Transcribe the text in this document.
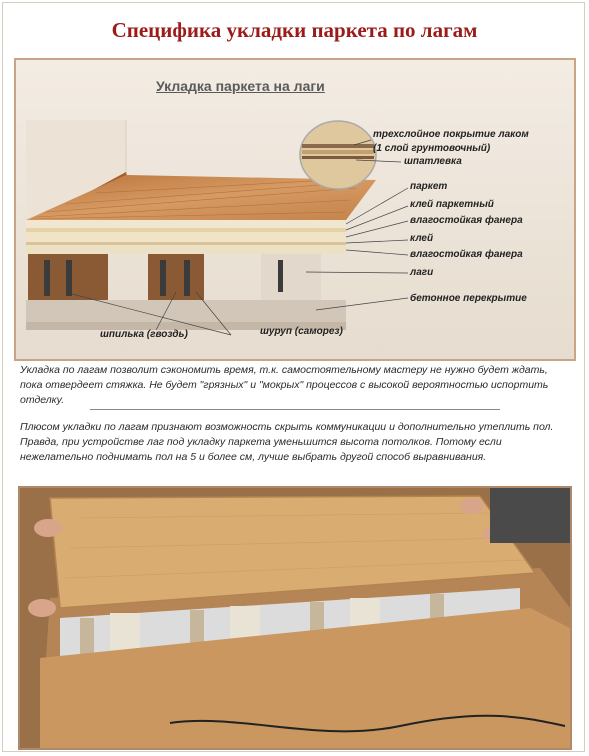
Специфика укладки паркета по лагам
Укладка паркета на лаги
трехслойное покрытие лаком
(1 слой грунтовочный)
шпатлевка
паркет
клей паркетный
влагостойкая фанера
клей
влагостойкая фанера
лаги
бетонное перекрытие
шпилька (гвоздь)	шуруп (саморез)
Укладка по лагам позволит сэкономить время, т.к. самостоятельному мастеру не нужно будет ждать, пока отвердеет стяжка. Не будет "грязных" и "мокрых" процессов с высокой вероятностью испортить отделку.
Плюсом укладки по лагам признают возможность скрыть коммуникации и дополнительно утеплить пол. Правда, при устройстве лаг под укладку паркета уменьшится высота потолков. Потому если нежелательно поднимать пол на 5 и более см, лучше выбрать другой способ выравнивания.
